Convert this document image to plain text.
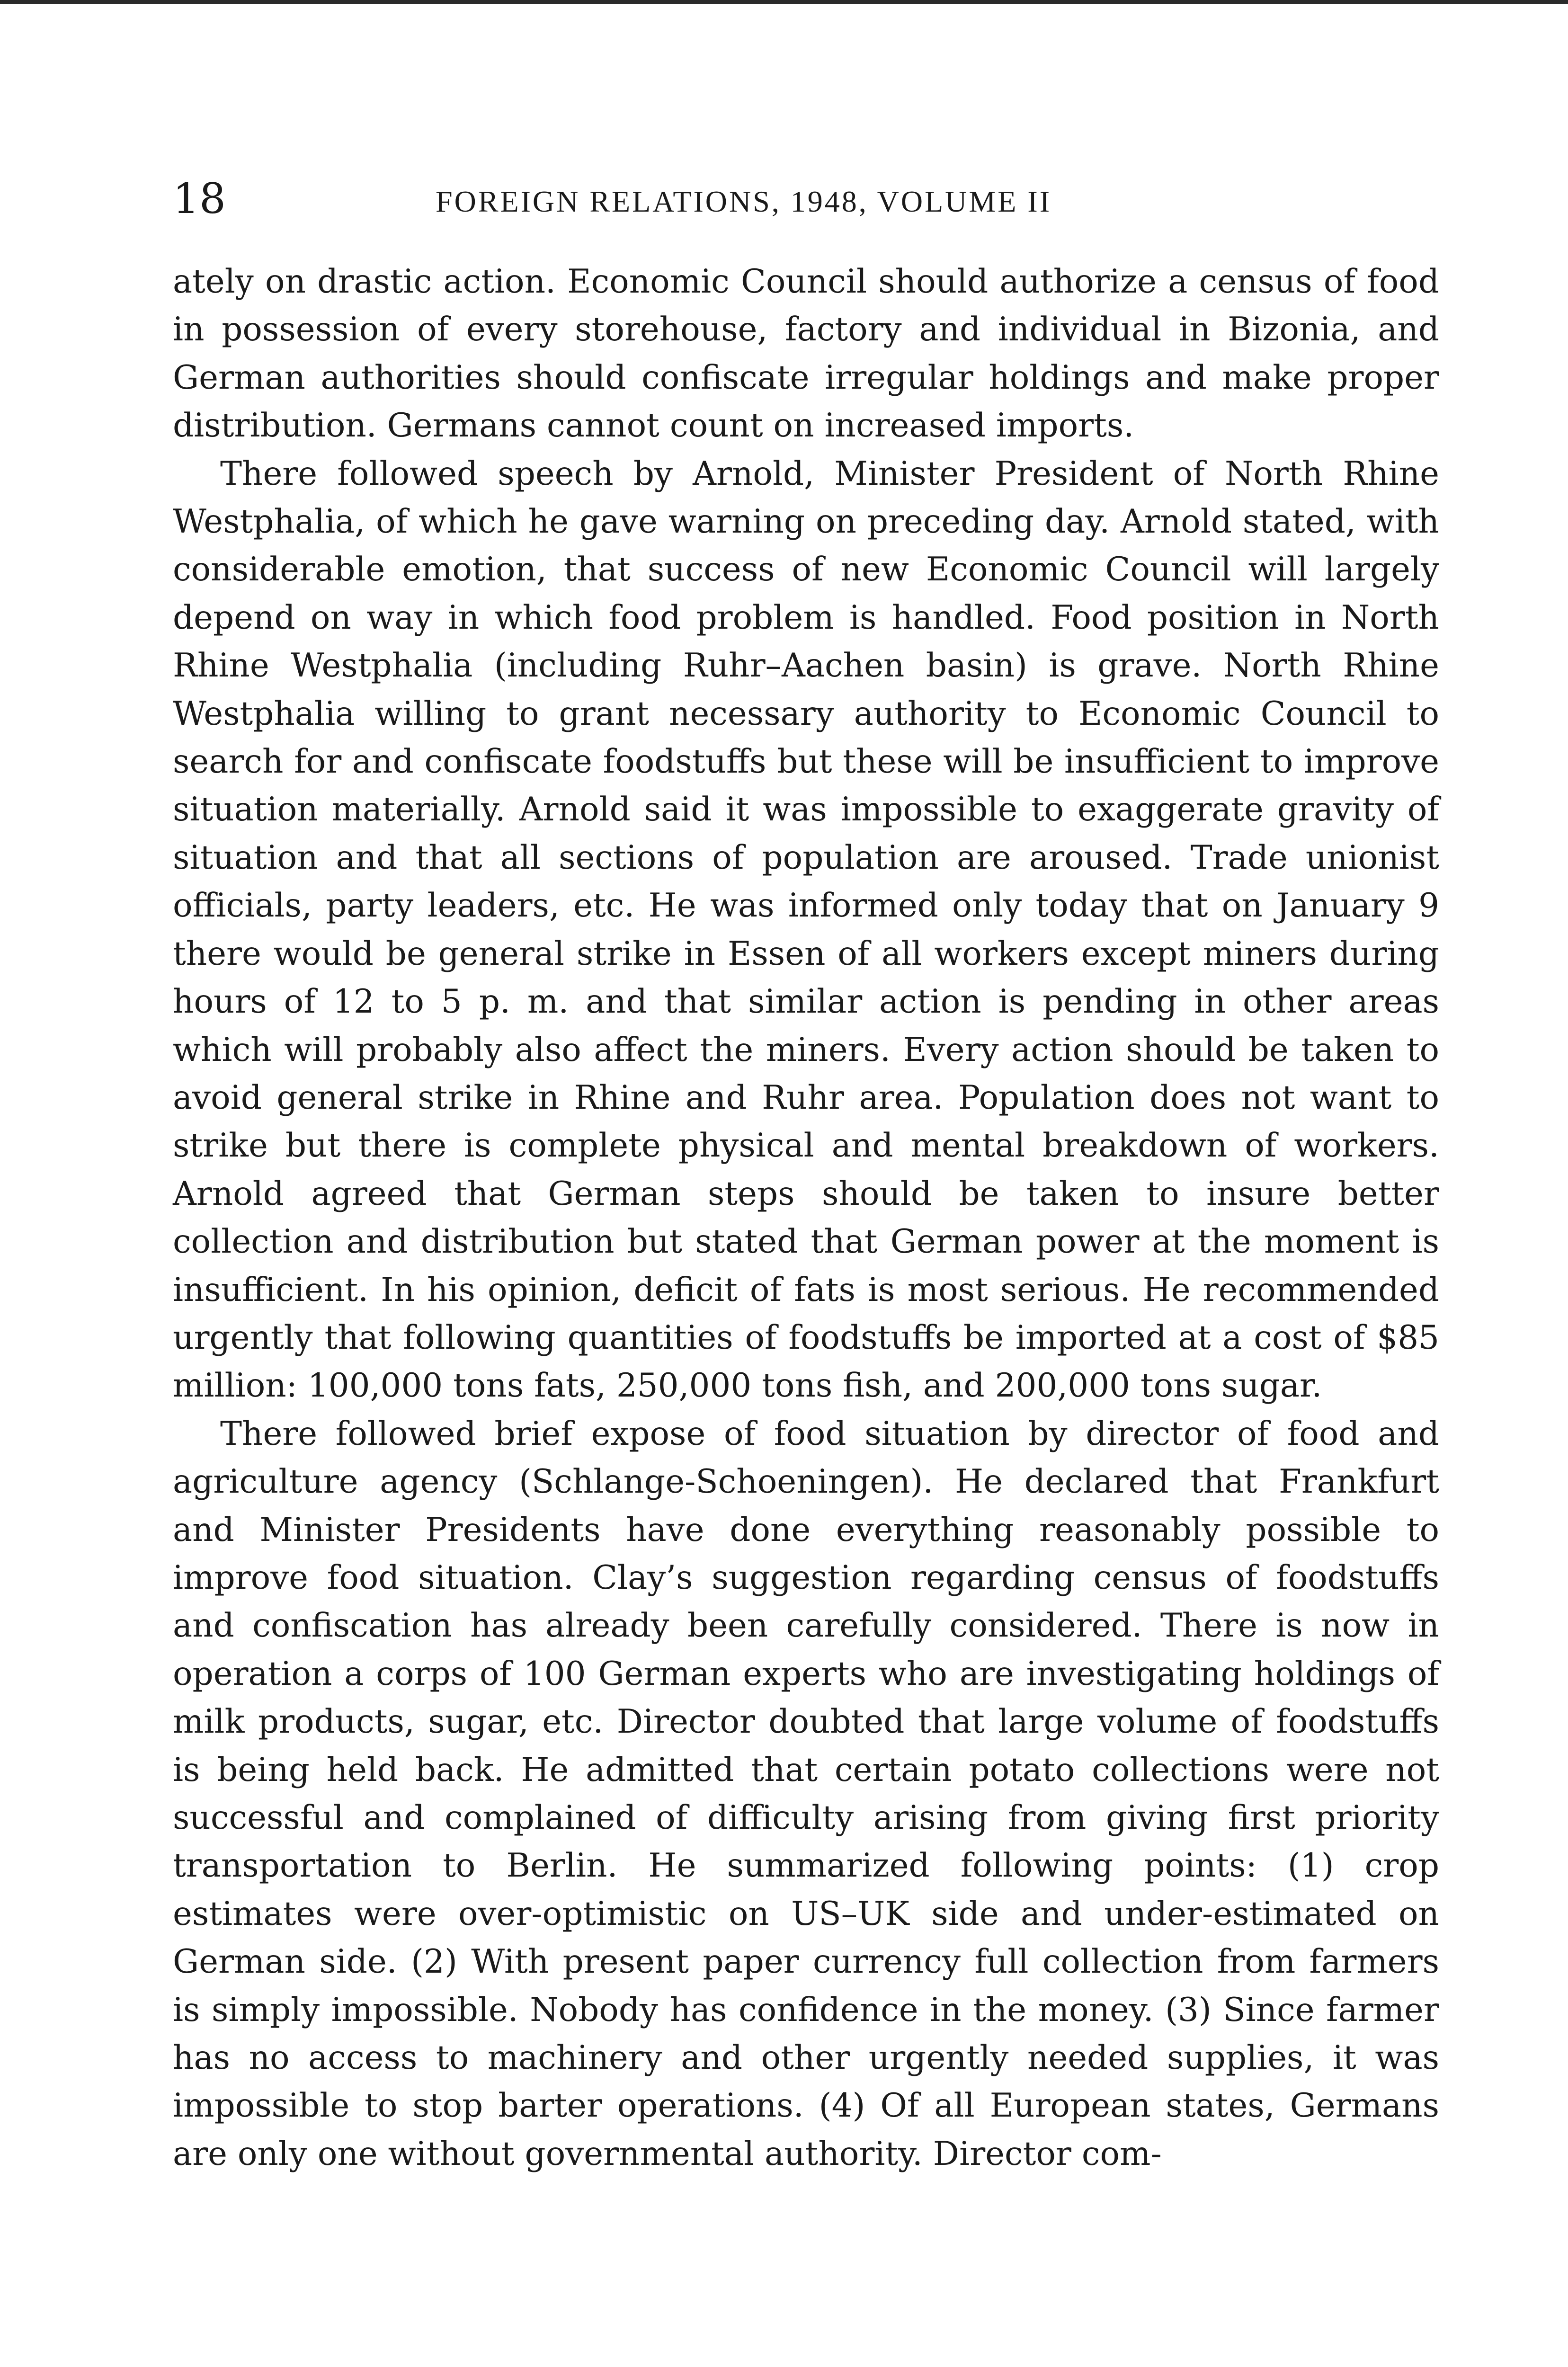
18	FOREIGN RELATIONS, 1948, VOLUME II

ately on drastic action. Economic Council should authorize a census of food in possession of every storehouse, factory and individual in Bizonia, and German authorities should confiscate irregular holdings and make proper distribution. Germans cannot count on increased imports.

There followed speech by Arnold, Minister President of North Rhine Westphalia, of which he gave warning on preceding day. Arnold stated, with considerable emotion, that success of new Economic Council will largely depend on way in which food problem is handled. Food position in North Rhine Westphalia (including Ruhr–Aachen basin) is grave. North Rhine Westphalia willing to grant necessary authority to Economic Council to search for and confiscate foodstuffs but these will be insufficient to improve situation materially. Arnold said it was impossible to exaggerate gravity of situation and that all sections of population are aroused. Trade unionist officials, party leaders, etc. He was informed only today that on January 9 there would be general strike in Essen of all workers except miners during hours of 12 to 5 p. m. and that similar action is pending in other areas which will probably also affect the miners. Every action should be taken to avoid general strike in Rhine and Ruhr area. Population does not want to strike but there is complete physical and mental breakdown of workers. Arnold agreed that German steps should be taken to insure better collection and distribution but stated that German power at the moment is insufficient. In his opinion, deficit of fats is most serious. He recommended urgently that following quantities of foodstuffs be imported at a cost of $85 million: 100,000 tons fats, 250,000 tons fish, and 200,000 tons sugar.

There followed brief expose of food situation by director of food and agriculture agency (Schlange-Schoeningen). He declared that Frankfurt and Minister Presidents have done everything reasonably possible to improve food situation. Clay’s suggestion regarding census of foodstuffs and confiscation has already been carefully considered. There is now in operation a corps of 100 German experts who are investigating holdings of milk products, sugar, etc. Director doubted that large volume of foodstuffs is being held back. He admitted that certain potato collections were not successful and complained of difficulty arising from giving first priority transportation to Berlin. He summarized following points: (1) crop estimates were over-optimistic on US–UK side and under-estimated on German side. (2) With present paper currency full collection from farmers is simply impossible. Nobody has confidence in the money. (3) Since farmer has no access to machinery and other urgently needed supplies, it was impossible to stop barter operations. (4) Of all European states, Germans are only one without governmental authority. Director com-
